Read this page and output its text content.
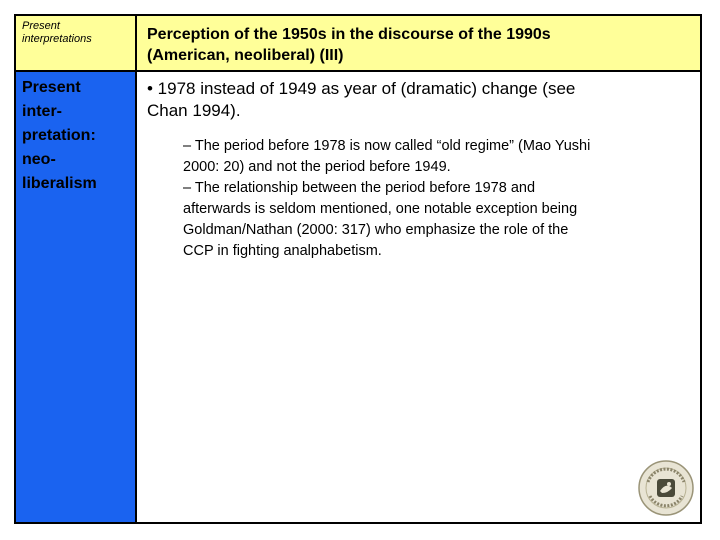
Present
interpretations	Perception of the 1950s in the discourse of the 1990s
(American, neoliberal) (III)
Present
inter-
pretation:
neo-
liberalism

• 1978 instead of 1949 as year of (dramatic) change (see
Chan 1994).

– The period before 1978 is now called “old regime” (Mao Yushi
2000: 20) and not the period before 1949.

– The relationship between the period before 1978 and
afterwards is seldom mentioned, one notable exception being
Goldman/Nathan (2000: 317) who emphasize the role of the
CCP in fighting analphabetism.
